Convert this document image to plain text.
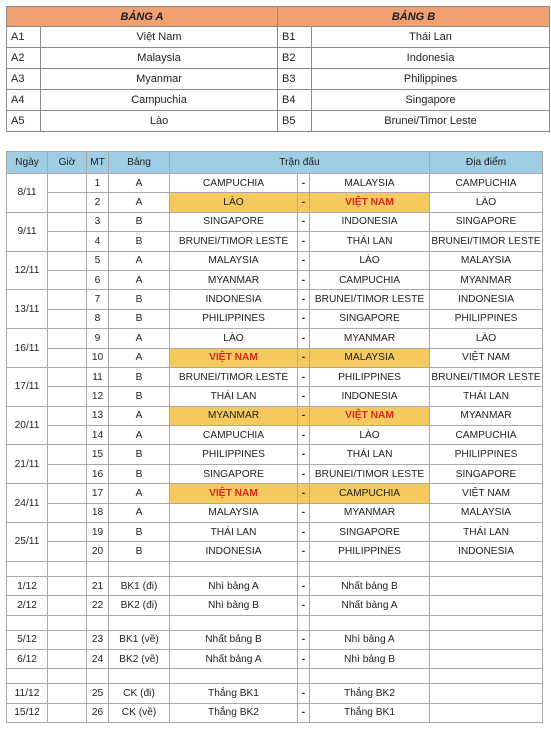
BẢNG A		BẢNG B	
A1	Việt Nam	B1	Thái Lan
A2	Malaysia	B2	Indonesia
A3	Myanmar	B3	Philippines
A4	Campuchia	B4	Singapore
A5	Lào	B5	Brunei/Timor Leste
Ngày	Giờ	MT	Bảng	Trận đấu			Địa điểm
8/11		1	A	CAMPUCHIA	-	MALAYSIA	CAMPUCHIA
		2	A	LÀO	-	VIỆT NAM	LÀO
9/11		3	B	SINGAPORE	-	INDONESIA	SINGAPORE
		4	B	BRUNEI/TIMOR LESTE	-	THÁI LAN	BRUNEI/TIMOR LESTE
12/11		5	A	MALAYSIA	-	LÀO	MALAYSIA
		6	A	MYANMAR	-	CAMPUCHIA	MYANMAR
13/11		7	B	INDONESIA	-	BRUNEI/TIMOR LESTE	INDONESIA
		8	B	PHILIPPINES	-	SINGAPORE	PHILIPPINES
16/11		9	A	LÀO	-	MYANMAR	LÀO
		10	A	VIỆT NAM	-	MALAYSIA	VIỆT NAM
17/11		11	B	BRUNEI/TIMOR LESTE	-	PHILIPPINES	BRUNEI/TIMOR LESTE
		12	B	THÁI LAN	-	INDONESIA	THÁI LAN
20/11		13	A	MYANMAR	-	VIỆT NAM	MYANMAR
		14	A	CAMPUCHIA	-	LÀO	CAMPUCHIA
21/11		15	B	PHILIPPINES	-	THÁI LAN	PHILIPPINES
		16	B	SINGAPORE	-	BRUNEI/TIMOR LESTE	SINGAPORE
24/11		17	A	VIỆT NAM	-	CAMPUCHIA	VIỆT NAM
		18	A	MALAYSIA	-	MYANMAR	MALAYSIA
25/11		19	B	THÁI LAN	-	SINGAPORE	THÁI LAN
		20	B	INDONESIA	-	PHILIPPINES	INDONESIA

1/12		21	BK1 (đi)	Nhì bảng A	-	Nhất bảng B	
2/12		22	BK2 (đi)	Nhì bảng B	-	Nhất bảng A	

5/12		23	BK1 (về)	Nhất bảng B	-	Nhì bảng A	
6/12		24	BK2 (về)	Nhất bảng A	-	Nhì bảng B	

11/12		25	CK (đi)	Thắng BK1	-	Thắng BK2	
15/12		26	CK (về)	Thắng BK2	-	Thắng BK1	
